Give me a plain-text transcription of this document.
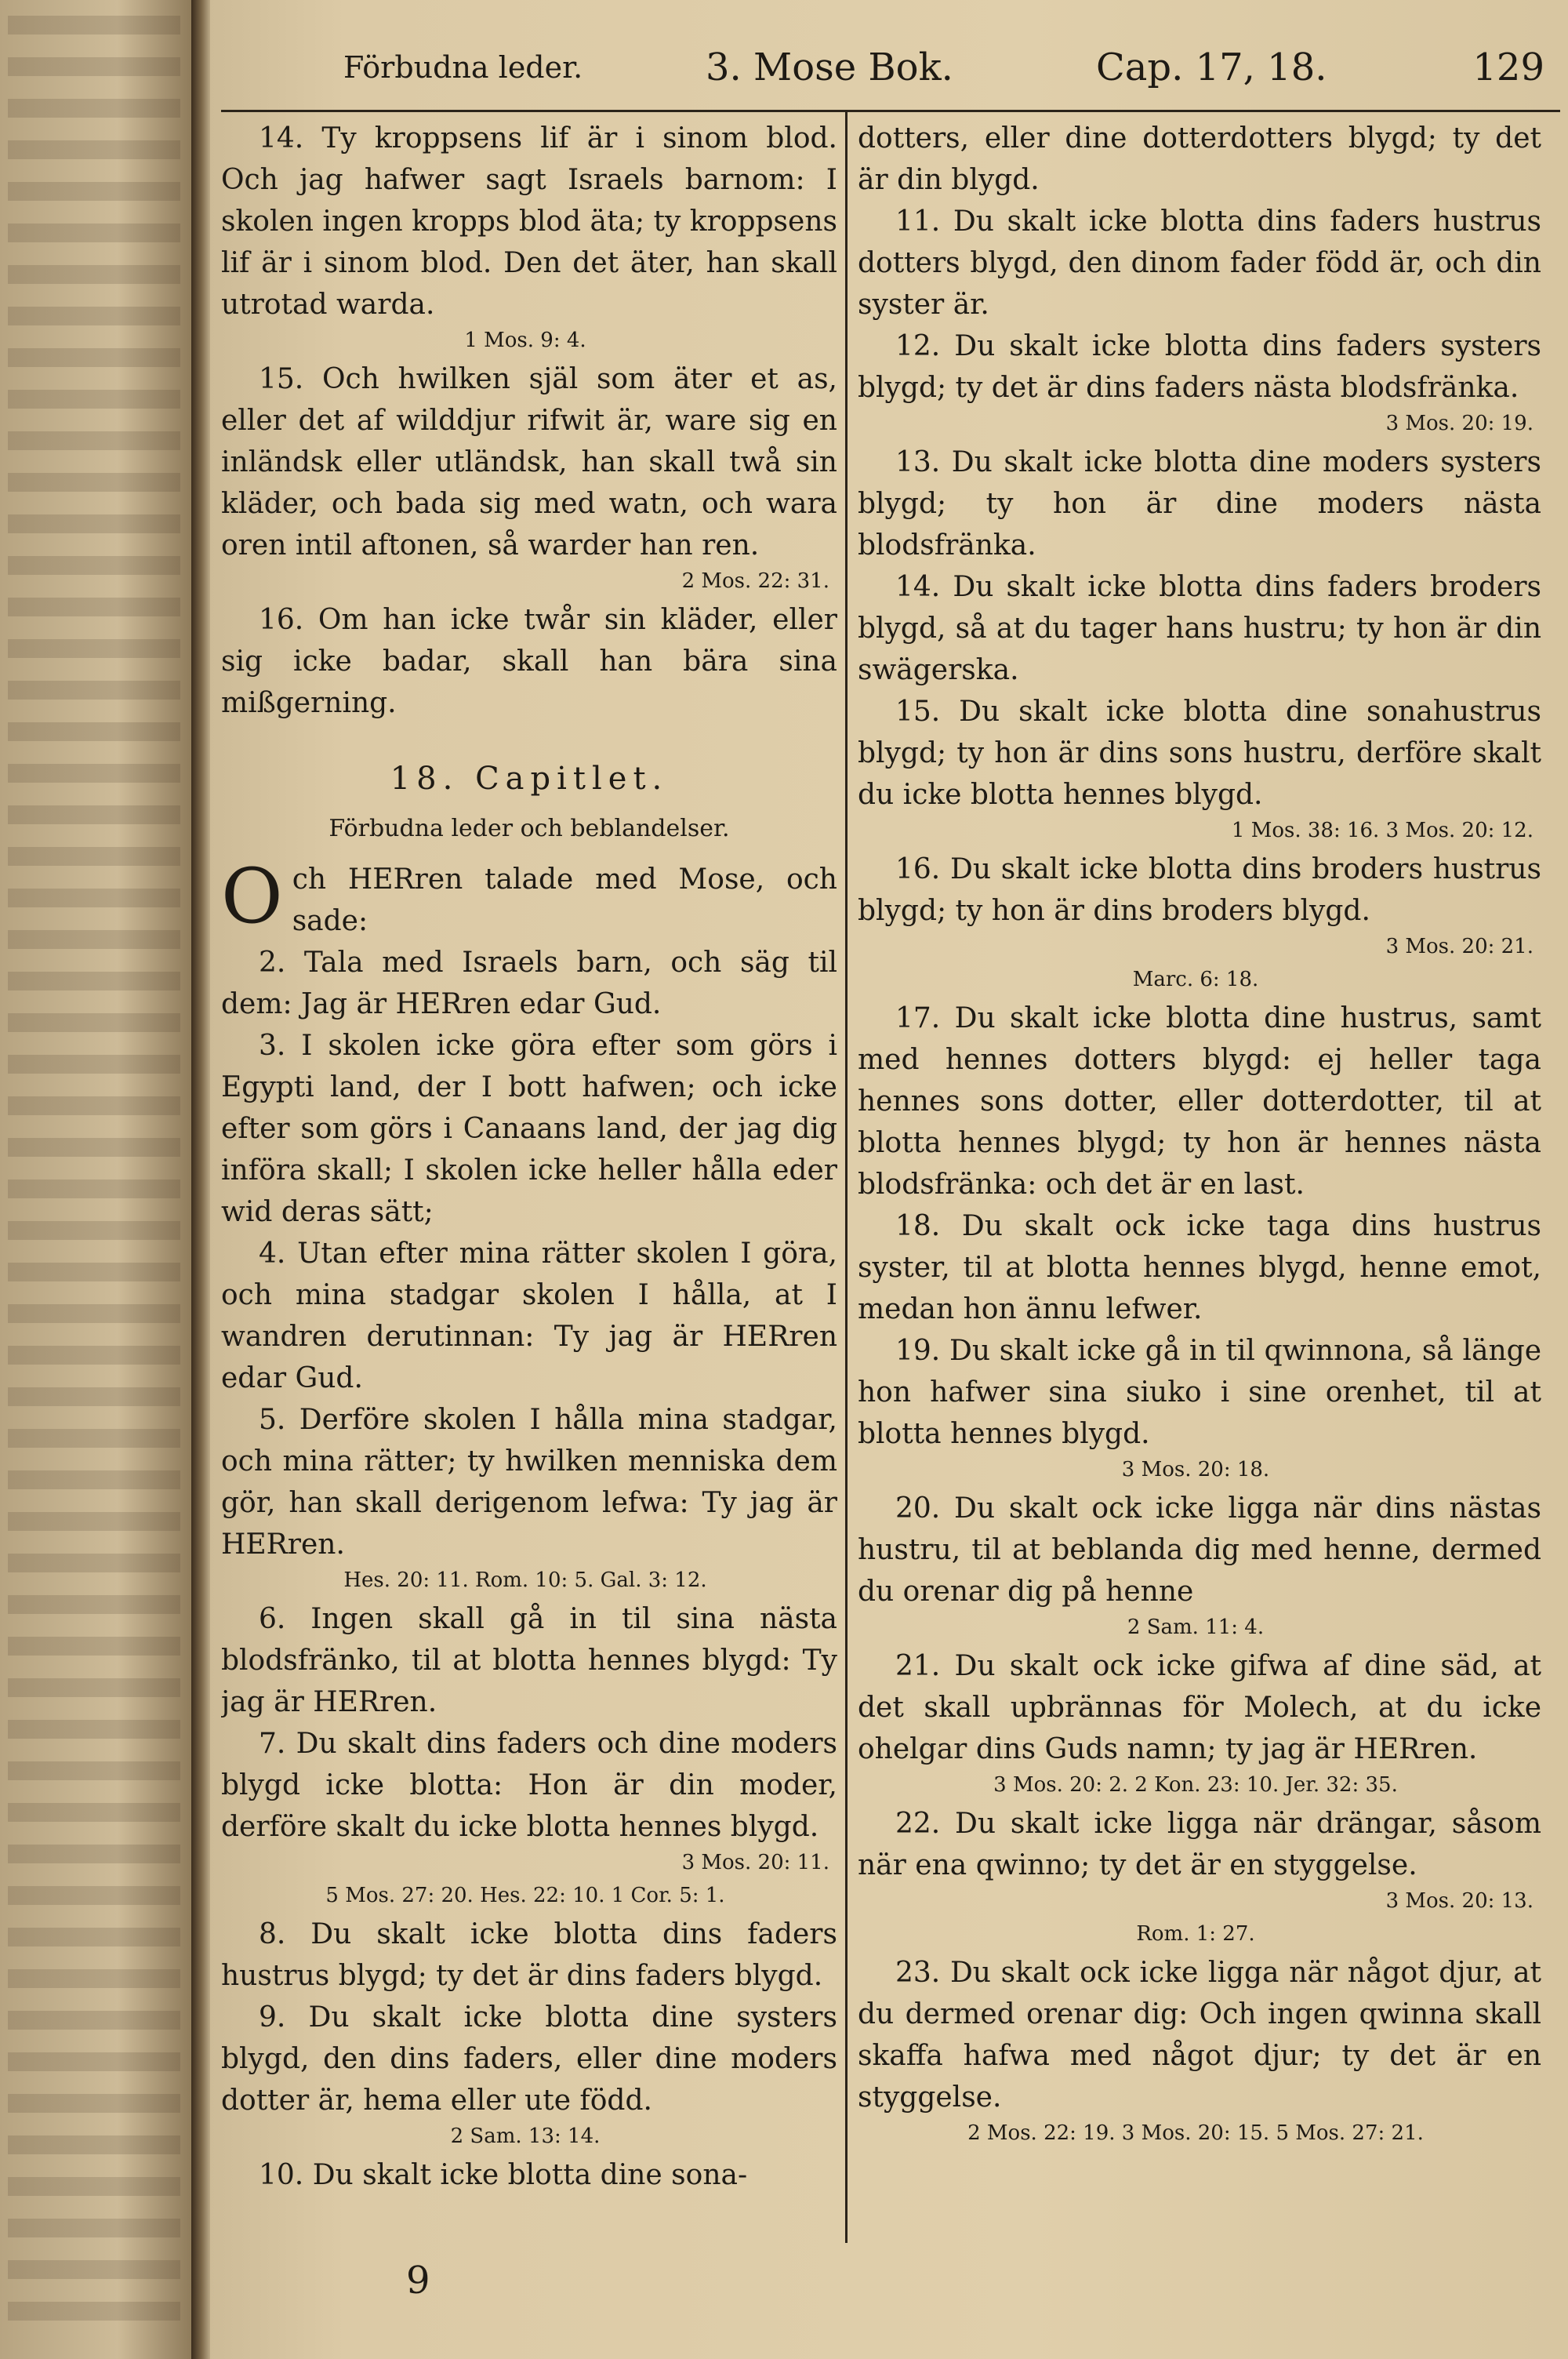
Förbudna leder.	3. Mose Bok.	Cap. 17, 18.	129

14. Ty kroppsens lif är i sinom blod. Och jag hafwer sagt Israels barnom: I skolen ingen kropps blod äta; ty kroppsens lif är i sinom blod. Den det äter, han skall utrotad warda.

1 Mos. 9: 4.

15. Och hwilken själ som äter et as, eller det af wilddjur rifwit är, ware sig en inländsk eller utländsk, han skall twå sin kläder, och bada sig med watn, och wara oren intil aftonen, så warder han ren.

2 Mos. 22: 31.

16. Om han icke twår sin kläder, eller sig icke badar, skall han bära sina mißgerning.

18. Capitlet.
Förbudna leder och beblandelser.

Och HERren talade med Mose, och sade:

2. Tala med Israels barn, och säg til dem: Jag är HERren edar Gud.

3. I skolen icke göra efter som görs i Egypti land, der I bott hafwen; och icke efter som görs i Canaans land, der jag dig införa skall; I skolen icke heller hålla eder wid deras sätt;

4. Utan efter mina rätter skolen I göra, och mina stadgar skolen I hålla, at I wandren derutinnan: Ty jag är HERren edar Gud.

5. Derföre skolen I hålla mina stadgar, och mina rätter; ty hwilken menniska dem gör, han skall derigenom lefwa: Ty jag är HERren.

Hes. 20: 11. Rom. 10: 5. Gal. 3: 12.

6. Ingen skall gå in til sina nästa blodsfränko, til at blotta hennes blygd: Ty jag är HERren.

7. Du skalt dins faders och dine moders blygd icke blotta: Hon är din moder, derföre skalt du icke blotta hennes blygd.

3 Mos. 20: 11.

5 Mos. 27: 20. Hes. 22: 10. 1 Cor. 5: 1.

8. Du skalt icke blotta dins faders hustrus blygd; ty det är dins faders blygd.

9. Du skalt icke blotta dine systers blygd, den dins faders, eller dine moders dotter är, hema eller ute född.

2 Sam. 13: 14.

10. Du skalt icke blotta dine sona-

dotters, eller dine dotterdotters blygd; ty det är din blygd.

11. Du skalt icke blotta dins faders hustrus dotters blygd, den dinom fader född är, och din syster är.

12. Du skalt icke blotta dins faders systers blygd; ty det är dins faders nästa blodsfränka.

3 Mos. 20: 19.

13. Du skalt icke blotta dine moders systers blygd; ty hon är dine moders nästa blodsfränka.

14. Du skalt icke blotta dins faders broders blygd, så at du tager hans hustru; ty hon är din swägerska.

15. Du skalt icke blotta dine sonahustrus blygd; ty hon är dins sons hustru, derföre skalt du icke blotta hennes blygd.

1 Mos. 38: 16. 3 Mos. 20: 12.

16. Du skalt icke blotta dins broders hustrus blygd; ty hon är dins broders blygd.

3 Mos. 20: 21.

Marc. 6: 18.

17. Du skalt icke blotta dine hustrus, samt med hennes dotters blygd: ej heller taga hennes sons dotter, eller dotterdotter, til at blotta hennes blygd; ty hon är hennes nästa blodsfränka: och det är en last.

18. Du skalt ock icke taga dins hustrus syster, til at blotta hennes blygd, henne emot, medan hon ännu lefwer.

19. Du skalt icke gå in til qwinnona, så länge hon hafwer sina siuko i sine orenhet, til at blotta hennes blygd.

3 Mos. 20: 18.

20. Du skalt ock icke ligga när dins nästas hustru, til at beblanda dig med henne, dermed du orenar dig på henne

2 Sam. 11: 4.

21. Du skalt ock icke gifwa af dine säd, at det skall upbrännas för Molech, at du icke ohelgar dins Guds namn; ty jag är HERren.

3 Mos. 20: 2. 2 Kon. 23: 10. Jer. 32: 35.

22. Du skalt icke ligga när drängar, såsom när ena qwinno; ty det är en styggelse.

3 Mos. 20: 13.

Rom. 1: 27.

23. Du skalt ock icke ligga när något djur, at du dermed orenar dig: Och ingen qwinna skall skaffa hafwa med något djur; ty det är en styggelse.

2 Mos. 22: 19. 3 Mos. 20: 15. 5 Mos. 27: 21.

9
